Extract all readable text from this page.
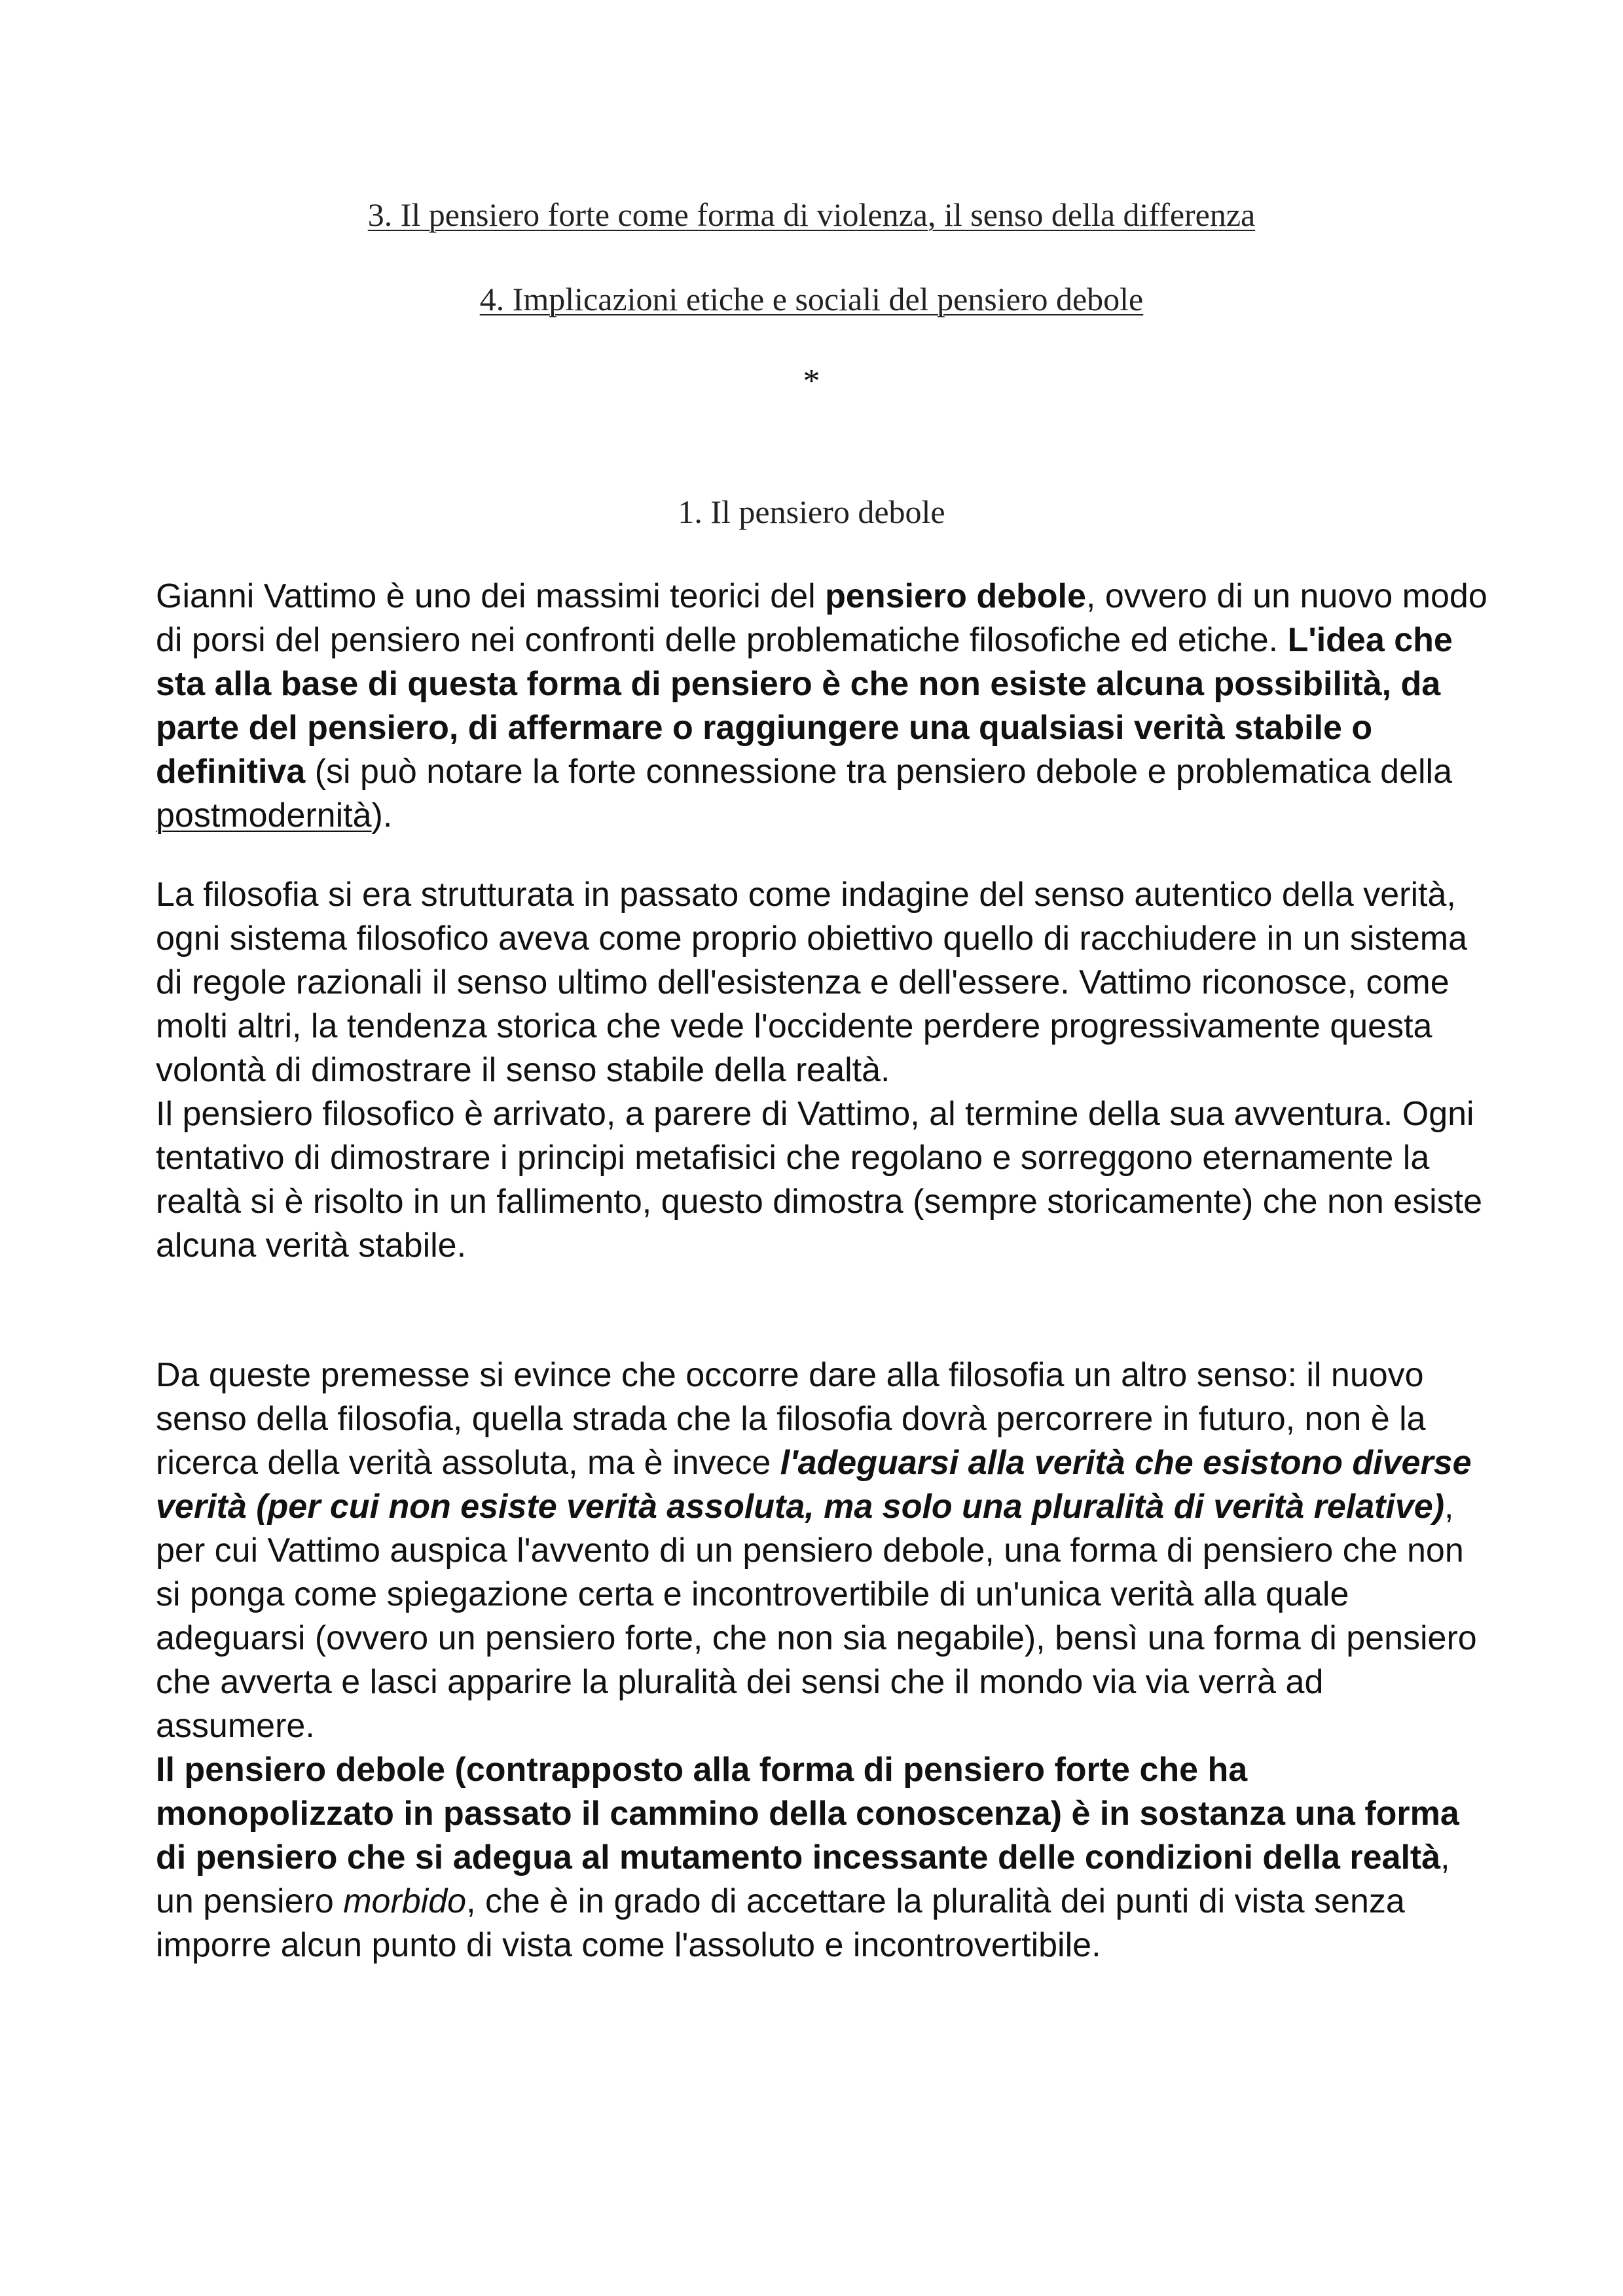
3. Il pensiero forte come forma di violenza, il senso della differenza
4. Implicazioni etiche e sociali del pensiero debole
*
1. Il pensiero debole

Gianni Vattimo è uno dei massimi teorici del pensiero debole, ovvero di un nuovo modo di porsi del pensiero nei confronti delle problematiche filosofiche ed etiche. L'idea che sta alla base di questa forma di pensiero è che non esiste alcuna possibilità, da parte del pensiero, di affermare o raggiungere una qualsiasi verità stabile o definitiva (si può notare la forte connessione tra pensiero debole e problematica della postmodernità).

La filosofia si era strutturata in passato come indagine del senso autentico della verità, ogni sistema filosofico aveva come proprio obiettivo quello di racchiudere in un sistema di regole razionali il senso ultimo dell'esistenza e dell'essere. Vattimo riconosce, come molti altri, la tendenza storica che vede l'occidente perdere progressivamente questa volontà di dimostrare il senso stabile della realtà.

Il pensiero filosofico è arrivato, a parere di Vattimo, al termine della sua avventura. Ogni tentativo di dimostrare i principi metafisici che regolano e sorreggono eternamente la realtà si è risolto in un fallimento, questo dimostra (sempre storicamente) che non esiste alcuna verità stabile.

Da queste premesse si evince che occorre dare alla filosofia un altro senso: il nuovo senso della filosofia, quella strada che la filosofia dovrà percorrere in futuro, non è la ricerca della verità assoluta, ma è invece l'adeguarsi alla verità che esistono diverse verità (per cui non esiste verità assoluta, ma solo una pluralità di verità relative), per cui Vattimo auspica l'avvento di un pensiero debole, una forma di pensiero che non si ponga come spiegazione certa e incontrovertibile di un'unica verità alla quale adeguarsi (ovvero un pensiero forte, che non sia negabile), bensì una forma di pensiero che avverta e lasci apparire la pluralità dei sensi che il mondo via via verrà ad assumere.

Il pensiero debole (contrapposto alla forma di pensiero forte che ha monopolizzato in passato il cammino della conoscenza) è in sostanza una forma di pensiero che si adegua al mutamento incessante delle condizioni della realtà, un pensiero morbido, che è in grado di accettare la pluralità dei punti di vista senza imporre alcun punto di vista come l'assoluto e incontrovertibile.
